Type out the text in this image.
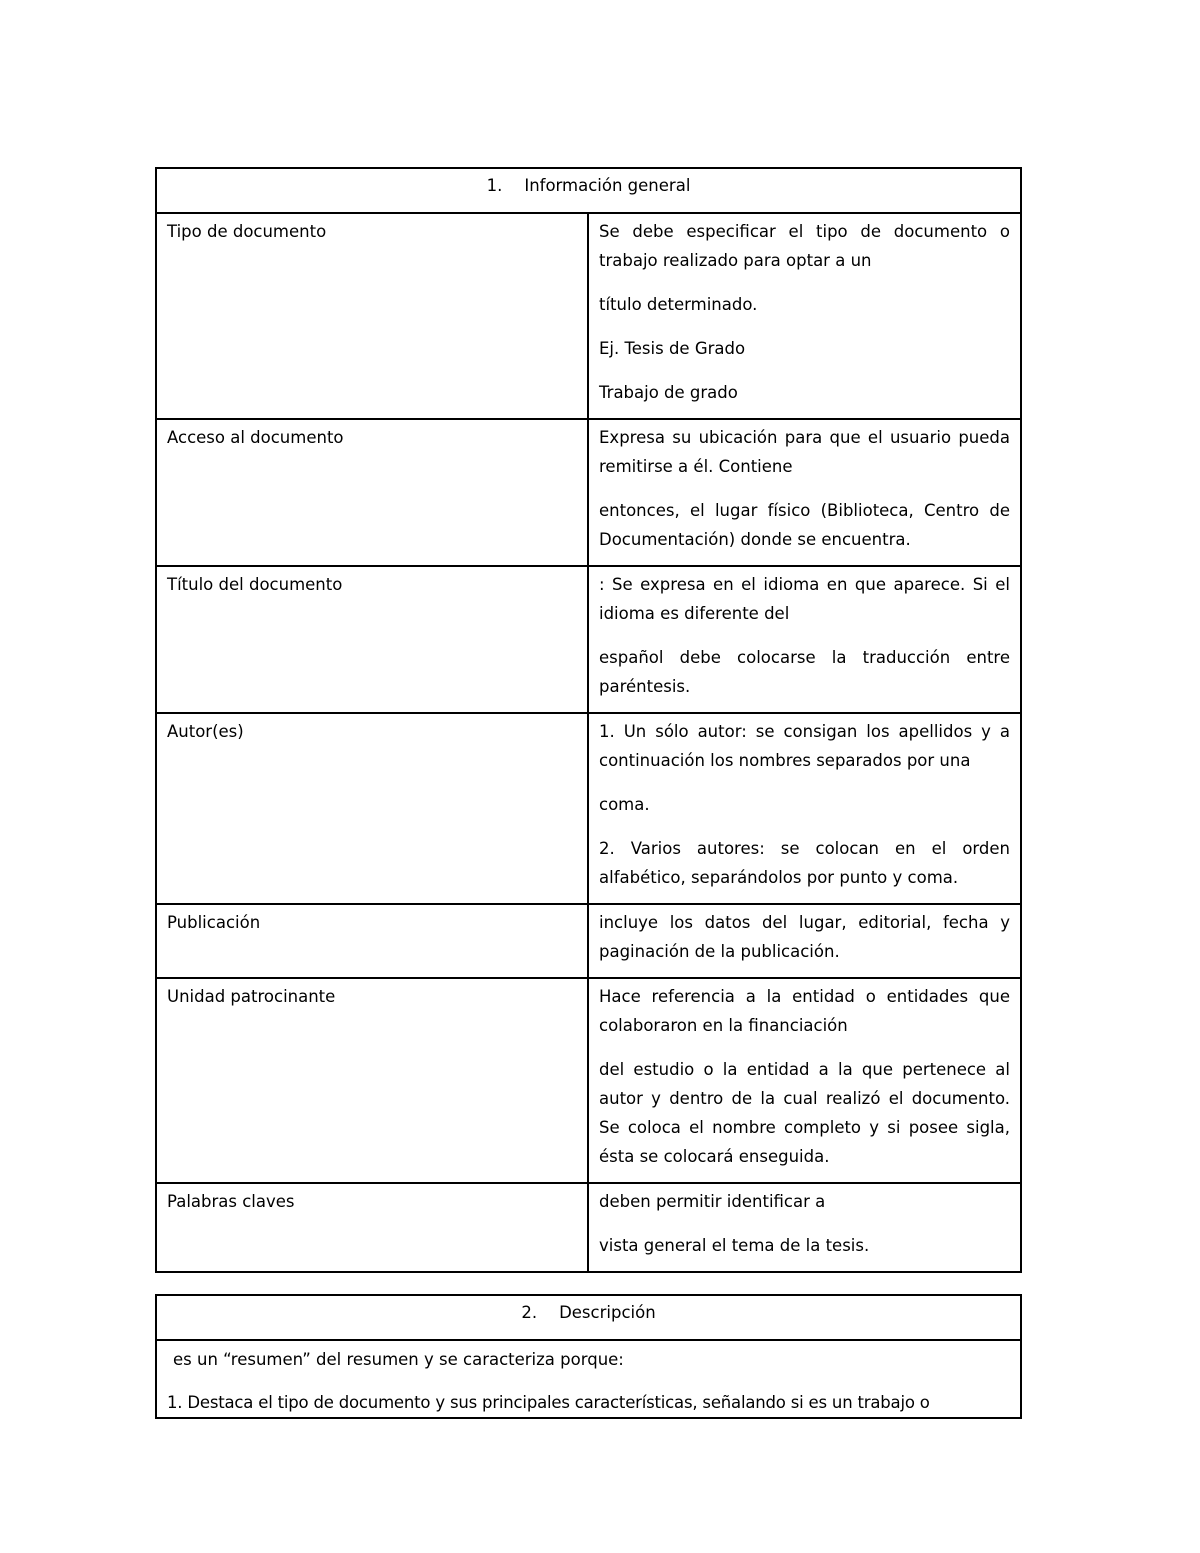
1. Información general	
Tipo de documento	Se debe especificar el tipo de documento o trabajo realizado para optar a un

título determinado.

Ej. Tesis de Grado

Trabajo de grado

Acceso al documento	Expresa su ubicación para que el usuario pueda remitirse a él. Contiene

entonces, el lugar físico (Biblioteca, Centro de Documentación) donde se encuentra.

Título del documento	: Se expresa en el idioma en que aparece. Si el idioma es diferente del

español debe colocarse la traducción entre paréntesis.

Autor(es)	1. Un sólo autor: se consigan los apellidos y a continuación los nombres separados por una

coma.

2. Varios autores: se colocan en el orden alfabético, separándolos por punto y coma.

Publicación	incluye los datos del lugar, editorial, fecha y paginación de la publicación.

Unidad patrocinante	Hace referencia a la entidad o entidades que colaboraron en la financiación

del estudio o la entidad a la que pertenece al autor y dentro de la cual realizó el documento. Se coloca el nombre completo y si posee sigla, ésta se colocará enseguida.

Palabras claves	deben permitir identificar a

vista general el tema de la tesis.

2. Descripción

es un “resumen” del resumen y se caracteriza porque:

1. Destaca el tipo de documento y sus principales características, señalando si es un trabajo o
